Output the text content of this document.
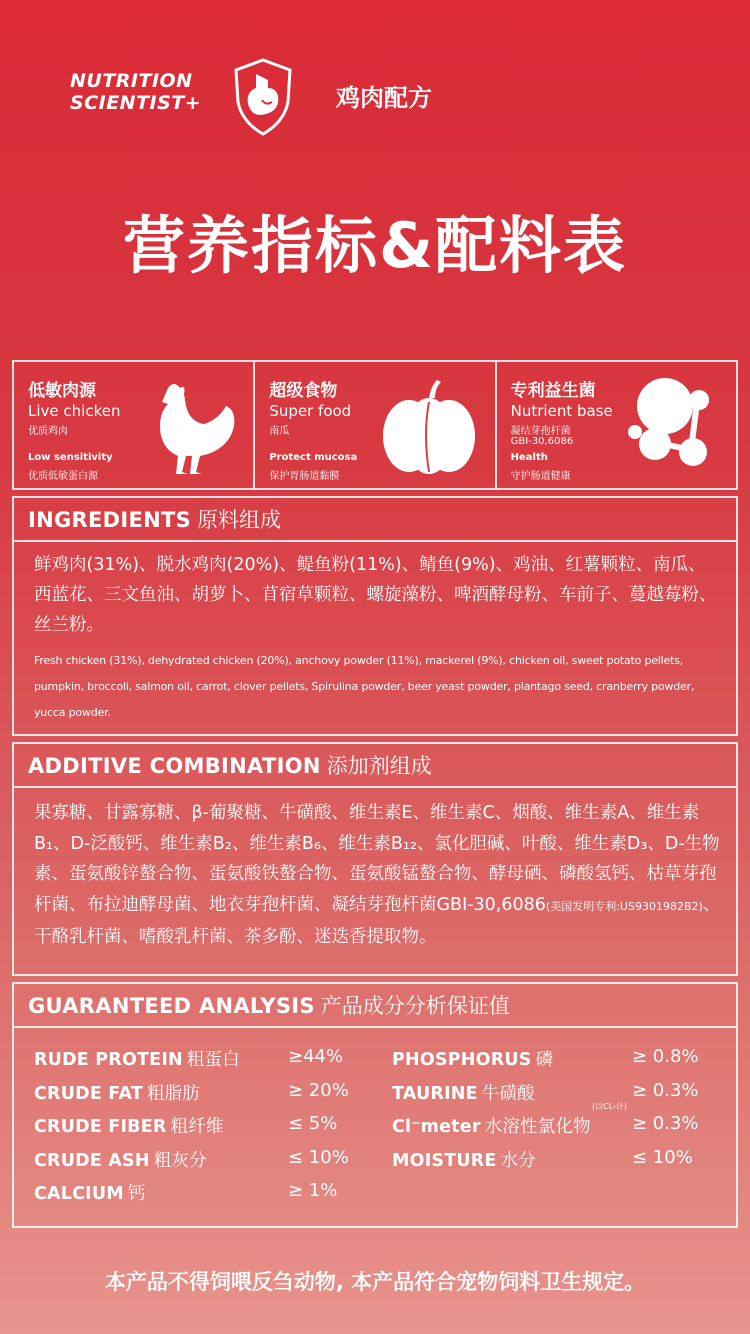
NUTRITION
SCIENTIST+	鸡肉配方
营养指标&配料表
低敏肉源
Live chicken
优质鸡肉
Low sensitivity
优质低敏蛋白源
超级食物
Super food
南瓜
Protect mucosa
保护胃肠道黏膜
专利益生菌
Nutrient base
凝结芽孢杆菌
GBI-30,6086
Health
守护肠道健康
INGREDIENTS 原料组成
鲜鸡肉(31%)、脱水鸡肉(20%)、鳀鱼粉(11%)、鲭鱼(9%)、鸡油、红薯颗粒、南瓜、西蓝花、三文鱼油、胡萝卜、苜宿草颗粒、螺旋藻粉、啤酒酵母粉、车前子、蔓越莓粉、丝兰粉。
Fresh chicken (31%), dehydrated chicken (20%), anchovy powder (11%), mackerel (9%), chicken oil, sweet potato pellets, pumpkin, broccoli, salmon oil, carrot, clover pellets, Spirulina powder, beer yeast powder, plantago seed, cranberry powder, yucca powder.
ADDITIVE COMBINATION 添加剂组成
果寡糖、甘露寡糖、β-葡聚糖、牛磺酸、维生素E、维生素C、烟酸、维生素A、维生素B₁、D-泛酸钙、维生素B₂、维生素B₆、维生素B₁₂、氯化胆碱、叶酸、维生素D₃、D-生物素、蛋氨酸锌螯合物、蛋氨酸铁螯合物、蛋氨酸锰螯合物、酵母硒、磷酸氢钙、枯草芽孢杆菌、布拉迪酵母菌、地衣芽孢杆菌、凝结芽孢杆菌GBI-30,6086(美国发明专利:US9301982B2)、干酪乳杆菌、嗜酸乳杆菌、茶多酚、迷迭香提取物。
GUARANTEED ANALYSIS 产品成分分析保证值
RUDE PROTEIN 粗蛋白	≥44%
CRUDE FAT 粗脂肪	≥ 20%
CRUDE FIBER 粗纤维	≤ 5%
CRUDE ASH 粗灰分	≤ 10%
CALCIUM 钙	≥ 1%
PHOSPHORUS 磷	≥ 0.8%
TAURINE 牛磺酸	≥ 0.3%
(以CL-计)
Cl⁻meter 水溶性氯化物 ≥ 0.3%
MOISTURE 水分	≤ 10%
本产品不得饲喂反刍动物, 本产品符合宠物饲料卫生规定。
